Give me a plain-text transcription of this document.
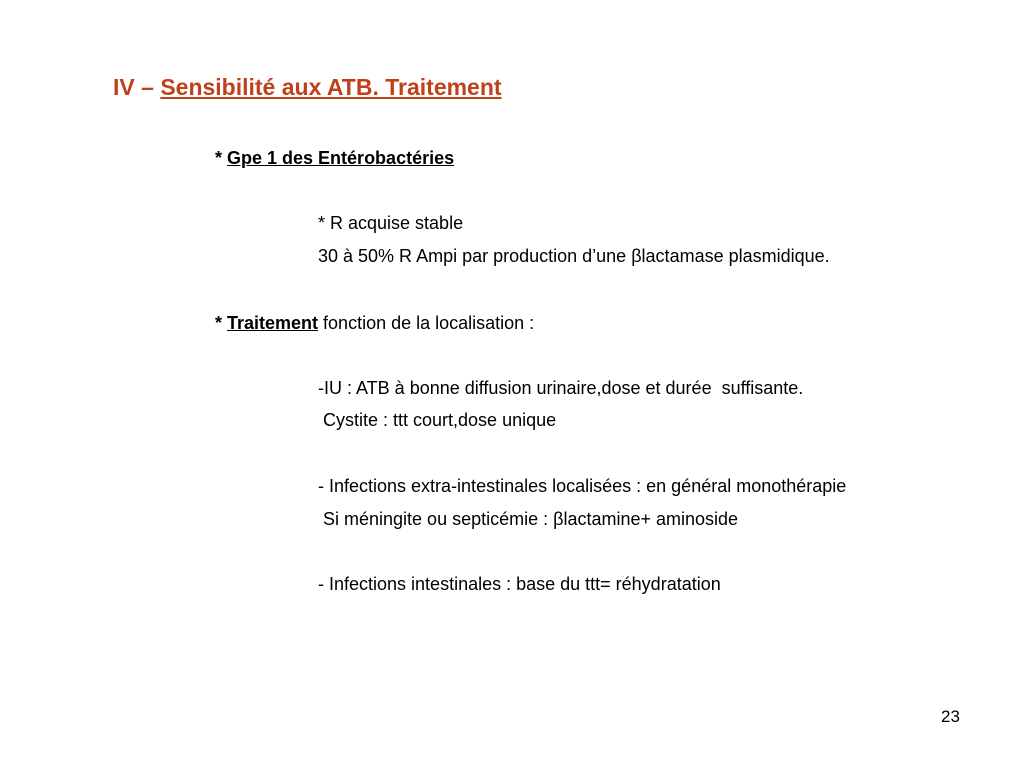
IV – Sensibilité aux ATB. Traitement
* Gpe 1 des Entérobactéries
* R acquise stable
30 à 50% R Ampi par production d’une βlactamase plasmidique.
* Traitement fonction de la localisation :
-IU : ATB à bonne diffusion urinaire,dose et durée  suffisante.
Cystite : ttt court,dose unique
- Infections extra-intestinales localisées : en général monothérapie
Si méningite ou septicémie : βlactamine+ aminoside
- Infections intestinales : base du ttt= réhydratation
23
